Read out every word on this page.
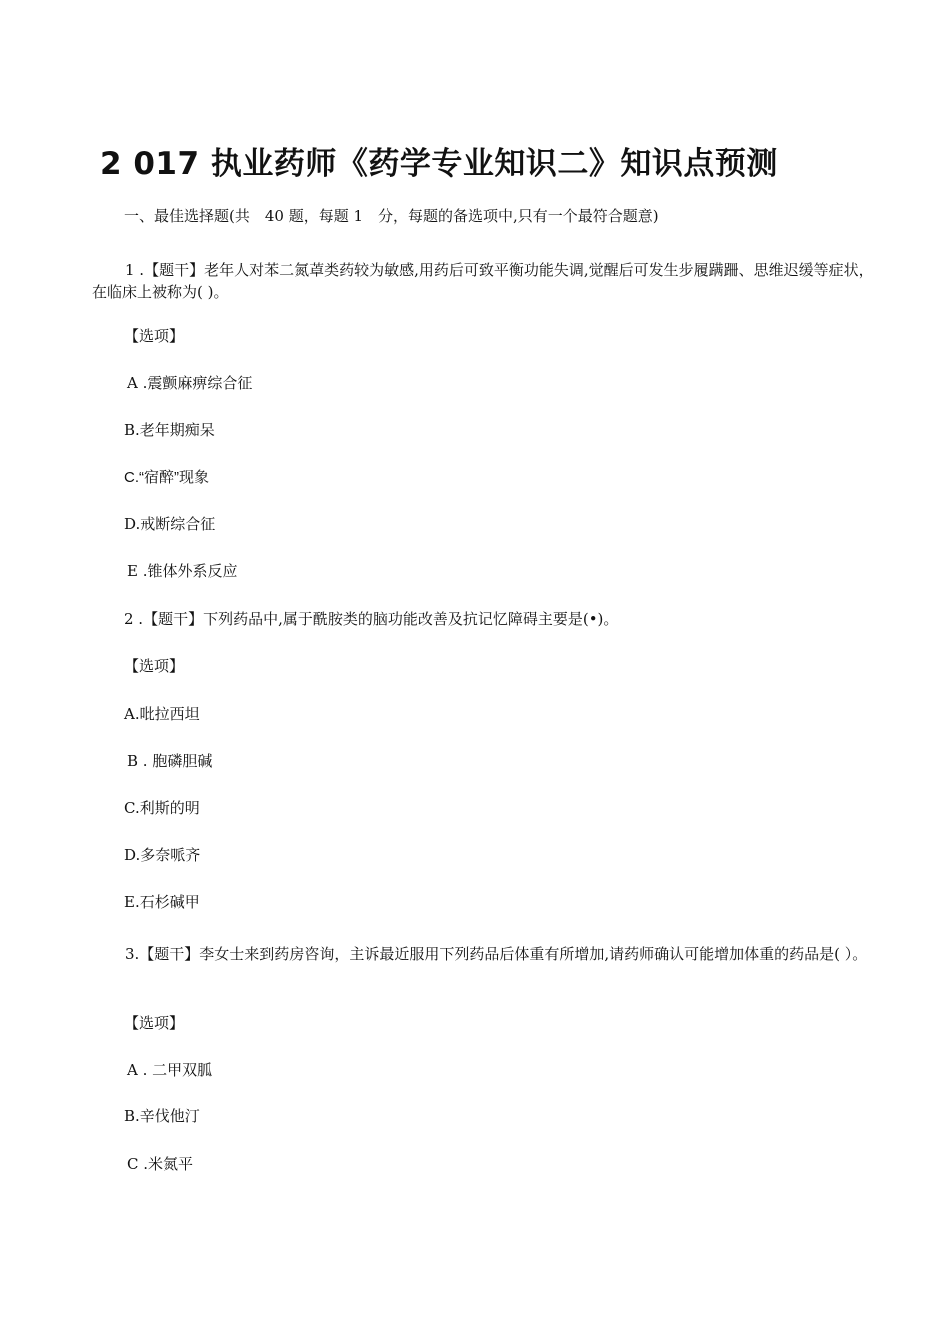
2 017 执业药师《药学专业知识二》知识点预测

一、最佳选择题(共　40 题，每题 1　分，每题的备选项中,只有一个最符合题意)

1 .【题干】老年人对苯二氮䓬类药较为敏感,用药后可致平衡功能失调,觉醒后可发生步履蹒跚、思维迟缓等症状，在临床上被称为( )。

【选项】

A .震颤麻痹综合征

B.老年期痴呆

C.“宿醉”现象

D.戒断综合征

E .锥体外系反应

2 .【题干】下列药品中,属于酰胺类的脑功能改善及抗记忆障碍主要是(•)。

【选项】

A.吡拉西坦

B . 胞磷胆碱

C.利斯的明

D.多奈哌齐

E.石杉碱甲

3.【题干】李女士来到药房咨询，主诉最近服用下列药品后体重有所增加,请药师确认可能增加体重的药品是( ）。

【选项】

A . 二甲双胍

B.辛伐他汀

C .米氮平
